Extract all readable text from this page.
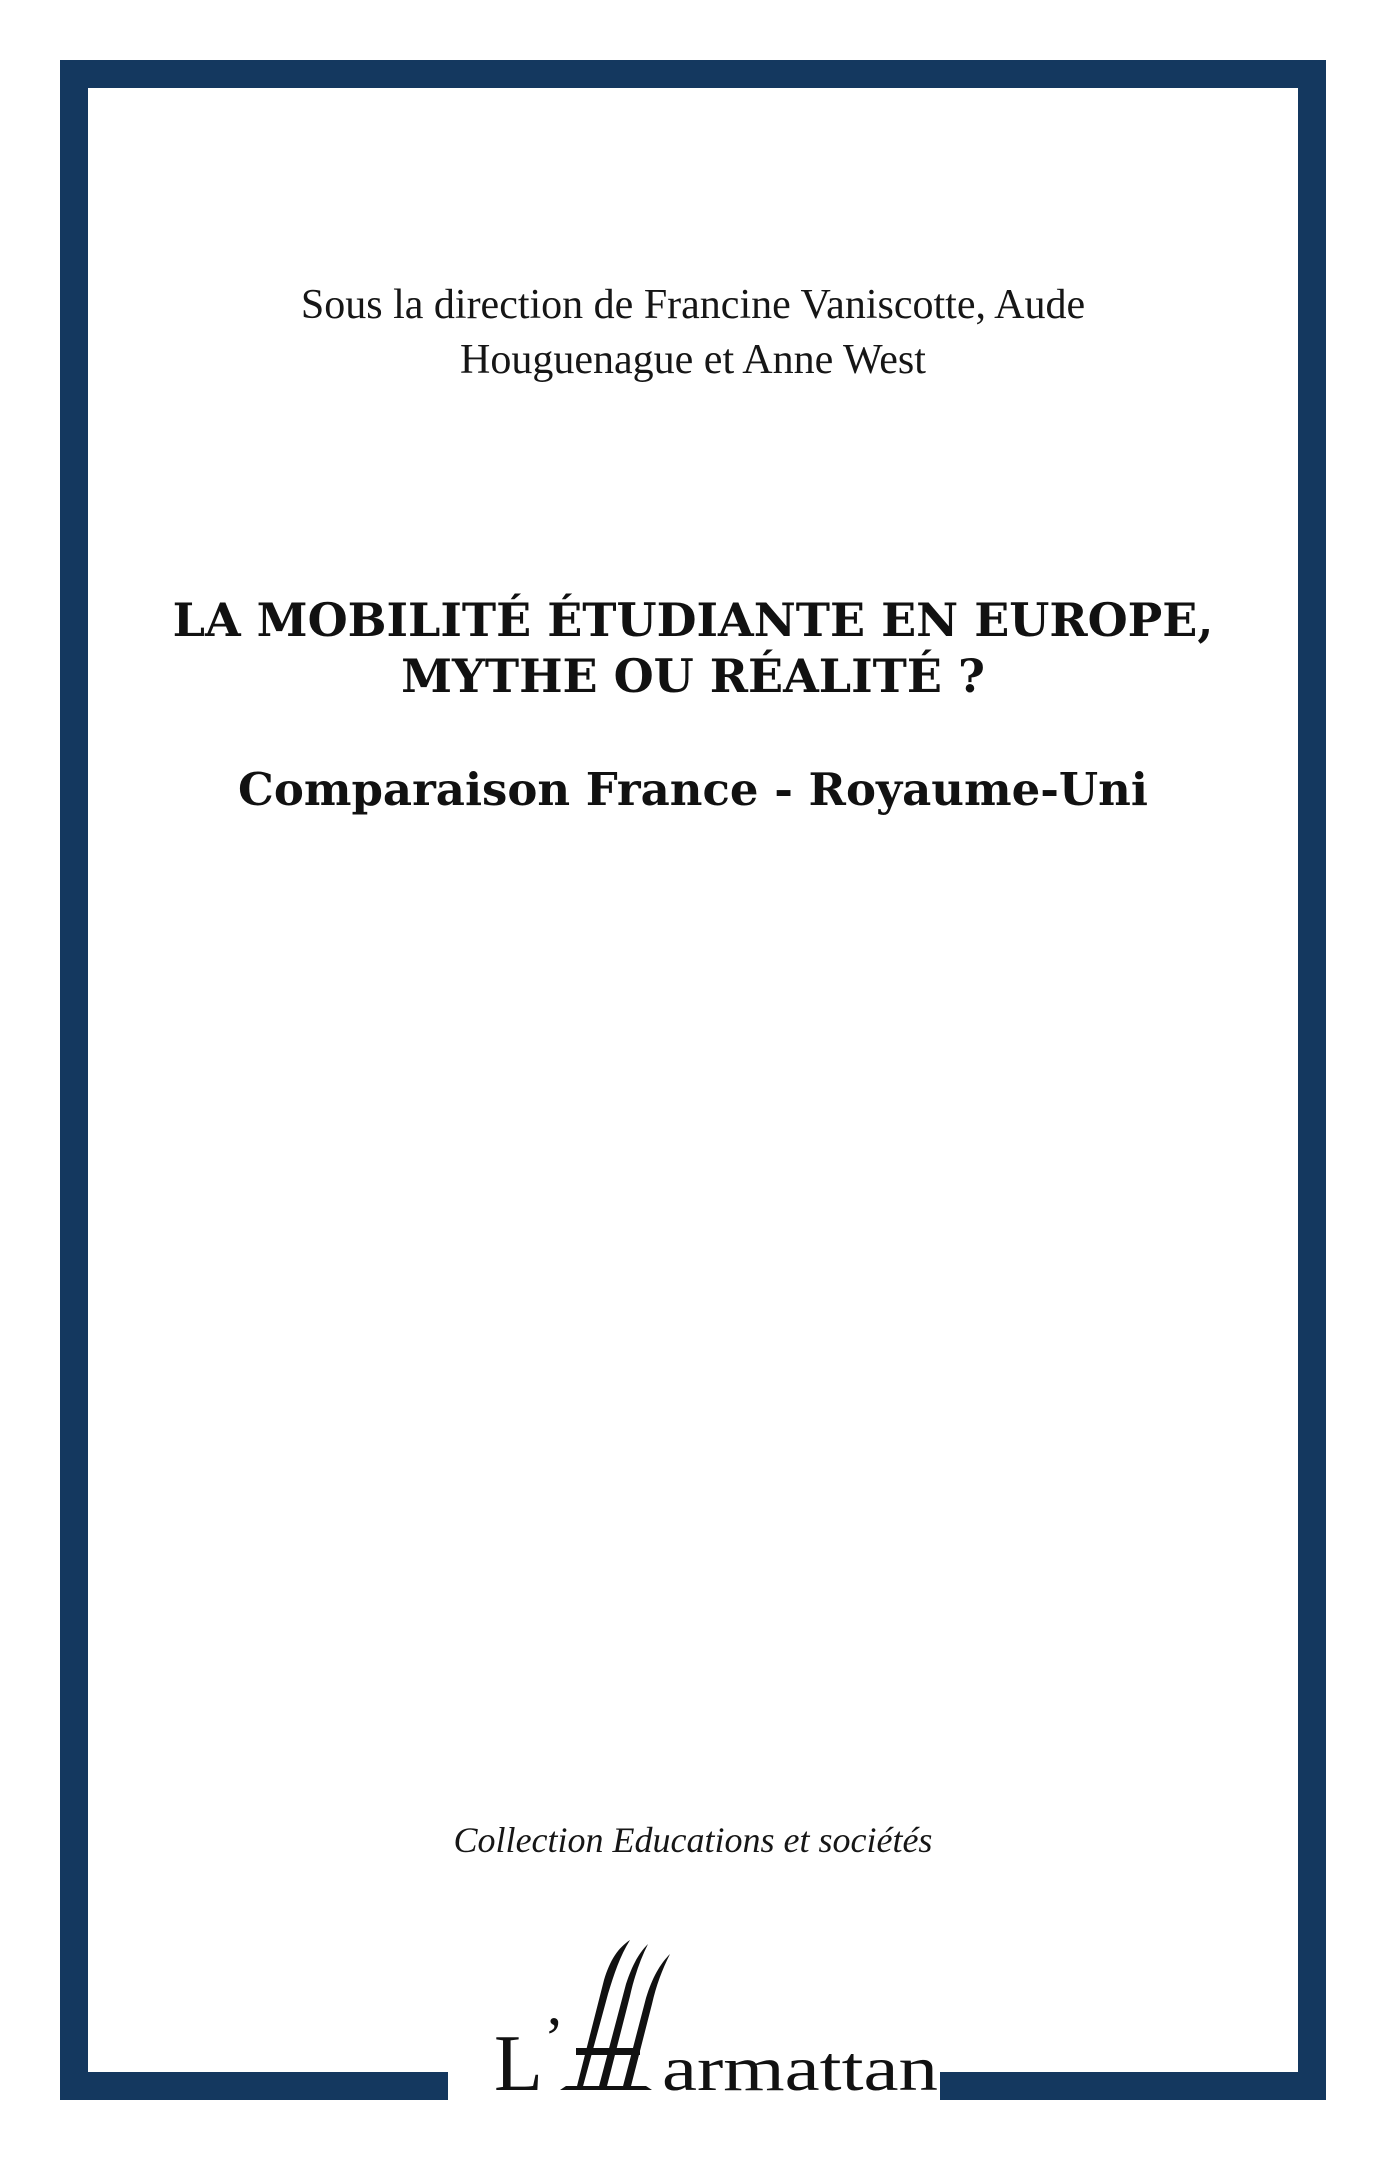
Sous la direction de Francine Vaniscotte, Aude
Houguenague et Anne West
LA MOBILITÉ ÉTUDIANTE EN EUROPE,
MYTHE OU RÉALITÉ ?
Comparaison France - Royaume-Uni
Collection Educations et sociétés
L ’ armattan
